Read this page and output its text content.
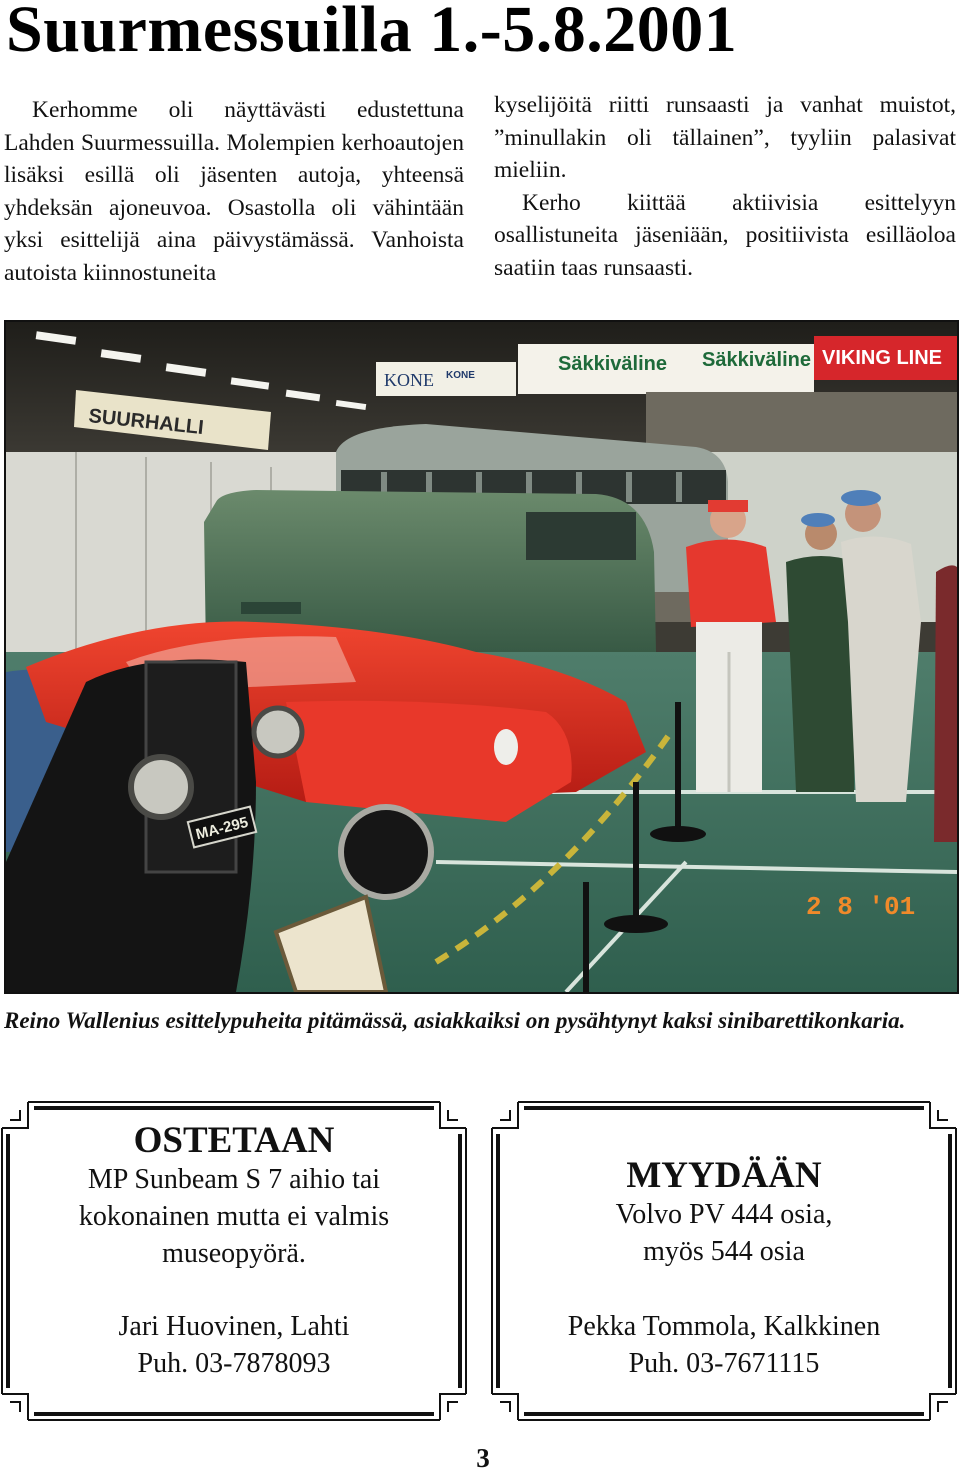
Suurmessuilla 1.-5.8.2001

Kerhomme oli näyttävästi edustettuna Lahden Suurmessuilla. Molempien kerhoautojen lisäksi esillä oli jäsenten autoja, yhteensä yhdeksän ajoneuvoa. Osastolla oli vähintään yksi esittelijä aina päivystämässä. Vanhoista autoista kiinnostuneita

kyselijöitä riitti runsaasti ja vanhat muistot, ”minullakin oli tällainen”, tyyliin palasivat mieliin.

Kerho kiittää aktiivisia esittelyyn osallistuneita jäseniään, positiivista esilläoloa saatiin taas runsaasti.

SUURHALLI
KONE KONE
Säkkiväline Säkkiväline VIKING LINE
MA-295
2 8 '01
Reino Wallenius esittelypuheita pitämässä, asiakkaiksi on pysähtynyt kaksi sinibarettikonkaria.
OSTETAAN
MP Sunbeam S 7 aihio tai
kokonainen mutta ei valmis
museopyörä.
Jari Huovinen, Lahti
Puh. 03-7878093
MYYDÄÄN
Volvo PV 444 osia,
myös 544 osia
Pekka Tommola, Kalkkinen
Puh. 03-7671115
3
